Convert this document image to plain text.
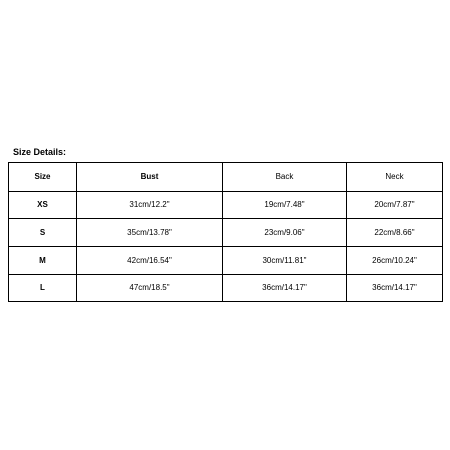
Size Details:
Size	Bust	Back	Neck
XS	31cm/12.2"	19cm/7.48"	20cm/7.87"
S	35cm/13.78"	23cm/9.06"	22cm/8.66"
M	42cm/16.54"	30cm/11.81"	26cm/10.24"
L	47cm/18.5"	36cm/14.17"	36cm/14.17"
